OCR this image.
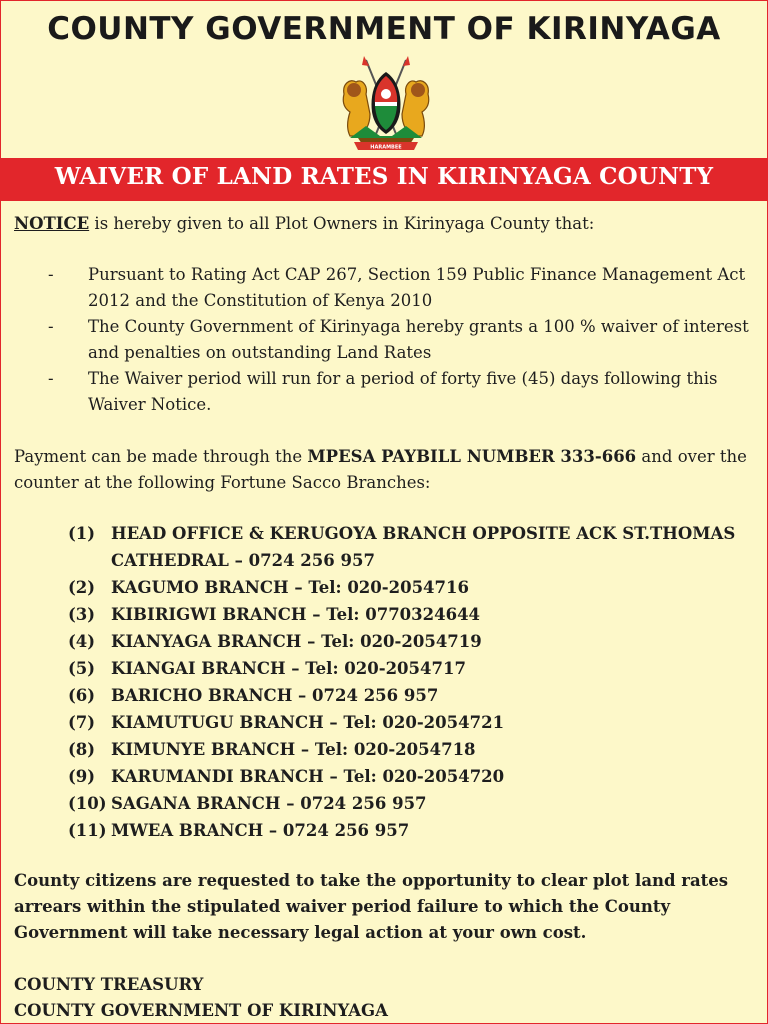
COUNTY GOVERNMENT OF KIRINYAGA
HARAMBEE
WAIVER OF LAND RATES IN KIRINYAGA COUNTY

NOTICE is hereby given to all Plot Owners in Kirinyaga County that:

- Pursuant to Rating Act CAP 267, Section 159 Public Finance Management Act 2012 and the Constitution of Kenya 2010
- The County Government of Kirinyaga hereby grants a 100 % waiver of interest and penalties on outstanding Land Rates
- The Waiver period will run for a period of forty five (45) days following this Waiver Notice.

Payment can be made through the MPESA PAYBILL NUMBER 333-666 and over the counter at the following Fortune Sacco Branches:

(1) HEAD OFFICE & KERUGOYA BRANCH OPPOSITE ACK ST.THOMAS CATHEDRAL – 0724 256 957
(2) KAGUMO BRANCH – Tel: 020-2054716
(3) KIBIRIGWI BRANCH – Tel: 0770324644
(4) KIANYAGA BRANCH – Tel: 020-2054719
(5) KIANGAI BRANCH – Tel: 020-2054717
(6) BARICHO BRANCH – 0724 256 957
(7) KIAMUTUGU BRANCH – Tel: 020-2054721
(8) KIMUNYE BRANCH – Tel: 020-2054718
(9) KARUMANDI BRANCH – Tel: 020-2054720
(10) SAGANA BRANCH – 0724 256 957
(11) MWEA BRANCH – 0724 256 957

County citizens are requested to take the opportunity to clear plot land rates arrears within the stipulated waiver period failure to which the County Government will take necessary legal action at your own cost.

COUNTY TREASURY
COUNTY GOVERNMENT OF KIRINYAGA
